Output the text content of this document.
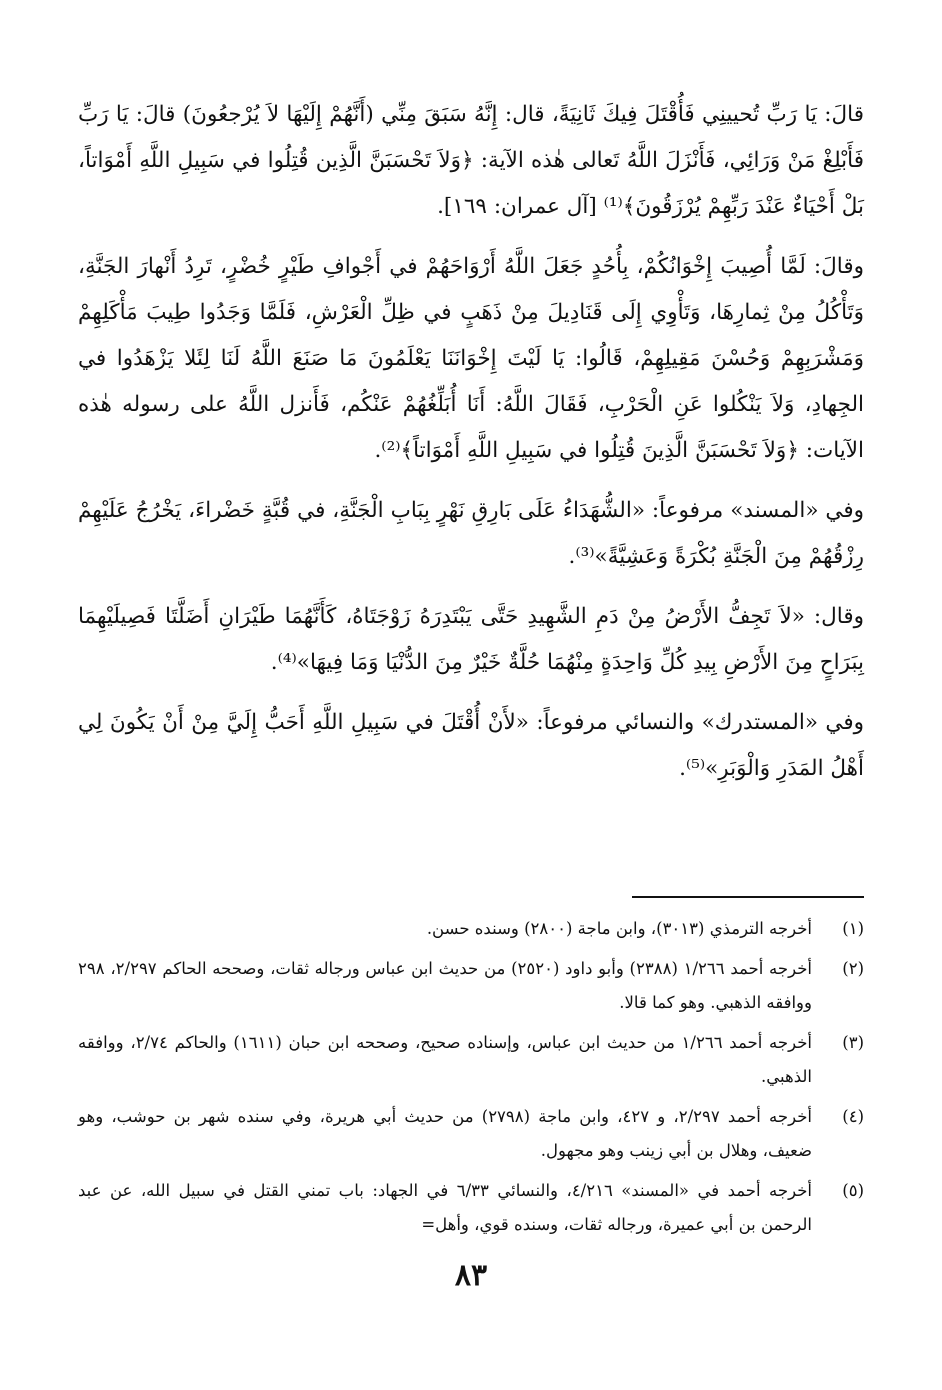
قالَ: يَا رَبِّ تُحيينِي فَأُقْتَلَ فِيكَ ثَانِيَةً، قال: إِنَّهُ سَبَقَ مِنِّي (أَنَّهُمْ إِلَيْهَا لاَ يُرْجعُونَ) قالَ: يَا رَبِّ فَأَبْلِغْ مَنْ وَرَائِي، فَأَنْزَلَ اللَّهُ تَعالى هٰذه الآية: ﴿وَلاَ تَحْسَبَنَّ الَّذِين قُتِلُوا في سَبِيلِ اللَّهِ أَمْوَاتاً، بَلْ أَحْيَاءٌ عَنْدَ رَبِّهِمْ يُرْزَقُونَ﴾⁽¹⁾ [آل عمران: ١٦٩].

وقالَ: لَمَّا أُصِيبَ إِخْوَانُكُمْ، بِأُحُدٍ جَعَلَ اللَّهُ أَرْوَاحَهُمْ في أَجْوافِ طَيْرٍ خُضْرٍ، تَرِدُ أَنْهارَ الجَنَّةِ، وَتَأْكُلُ مِنْ ثِمارِهَا، وَتَأْوِي إِلَى قَنَادِيلَ مِنْ ذَهَبٍ في ظِلِّ الْعَرْشِ، فَلَمَّا وَجَدُوا طِيبَ مَأْكَلِهِمْ وَمَشْرَبِهِمْ وَحُسْنَ مَقِيلِهِمْ، قَالُوا: يَا لَيْتَ إِخْوَانَنَا يَعْلَمُونَ مَا صَنَعَ اللَّهُ لَنَا لِئَلا يَزْهَدُوا في الجِهادِ، وَلاَ يَنْكُلوا عَنِ الْحَرْبِ، فَقَالَ اللَّهُ: أَنَا أُبَلِّغُهُمْ عَنْكُم، فَأَنزل اللَّهُ على رسوله هٰذه الآيات: ﴿وَلاَ تَحْسَبَنَّ الَّذِينَ قُتِلُوا في سَبِيلِ اللَّهِ أَمْوَاتاً﴾⁽²⁾.

وفي «المسند» مرفوعاً: «الشُّهَدَاءُ عَلَى بَارِقِ نَهْرٍ بِبَابِ الْجَنَّةِ، في قُبَّةٍ خَضْراءَ، يَخْرُجُ عَلَيْهِمْ رِزْقُهُمْ مِنَ الْجَنَّةِ بُكْرَةً وَعَشِيَّةً»⁽³⁾.

وقال: «لاَ تَجِفُّ الأَرْضُ مِنْ دَمِ الشَّهِيدِ حَتَّى يَبْتَدِرَهُ زَوْجَتَاهُ، كَأَنَّهُمَا طَيْرَانِ أَضَلَّتَا فَصِيلَيْهِمَا بِبَرَاحٍ مِنَ الأَرْضِ بِيدِ كُلِّ وَاحِدَةٍ مِنْهُمَا حُلَّةٌ خَيْرٌ مِنَ الدُّنْيَا وَمَا فِيهَا»⁽⁴⁾.

وفي «المستدرك» والنسائي مرفوعاً: «لأَنْ أُقْتَلَ في سَبِيلِ اللَّهِ أَحَبُّ إِلَيَّ مِنْ أَنْ يَكُونَ لِي أَهْلُ المَدَرِ وَالْوَبَرِ»⁽⁵⁾.

(١)
أخرجه الترمذي (٣٠١٣)، وابن ماجة (٢٨٠٠) وسنده حسن.
(٢)
أخرجه أحمد ١/٢٦٦ (٢٣٨٨) وأبو داود (٢٥٢٠) من حديث ابن عباس ورجاله ثقات، وصححه الحاكم ٢/٢٩٧، ٢٩٨ ووافقه الذهبي. وهو كما قالا.
(٣)
أخرجه أحمد ١/٢٦٦ من حديث ابن عباس، وإسناده صحيح، وصححه ابن حبان (١٦١١) والحاكم ٢/٧٤، ووافقه الذهبي.
(٤)
أخرجه أحمد ٢/٢٩٧، و ٤٢٧، وابن ماجة (٢٧٩٨) من حديث أبي هريرة، وفي سنده شهر بن حوشب، وهو ضعيف، وهلال بن أبي زينب وهو مجهول.
(٥)
أخرجه أحمد في «المسند» ٤/٢١٦، والنسائي ٦/٣٣ في الجهاد: باب تمني القتل في سبيل الله، عن عبد الرحمن بن أبي عميرة، ورجاله ثقات، وسنده قوي، وأهل=
٨٣
